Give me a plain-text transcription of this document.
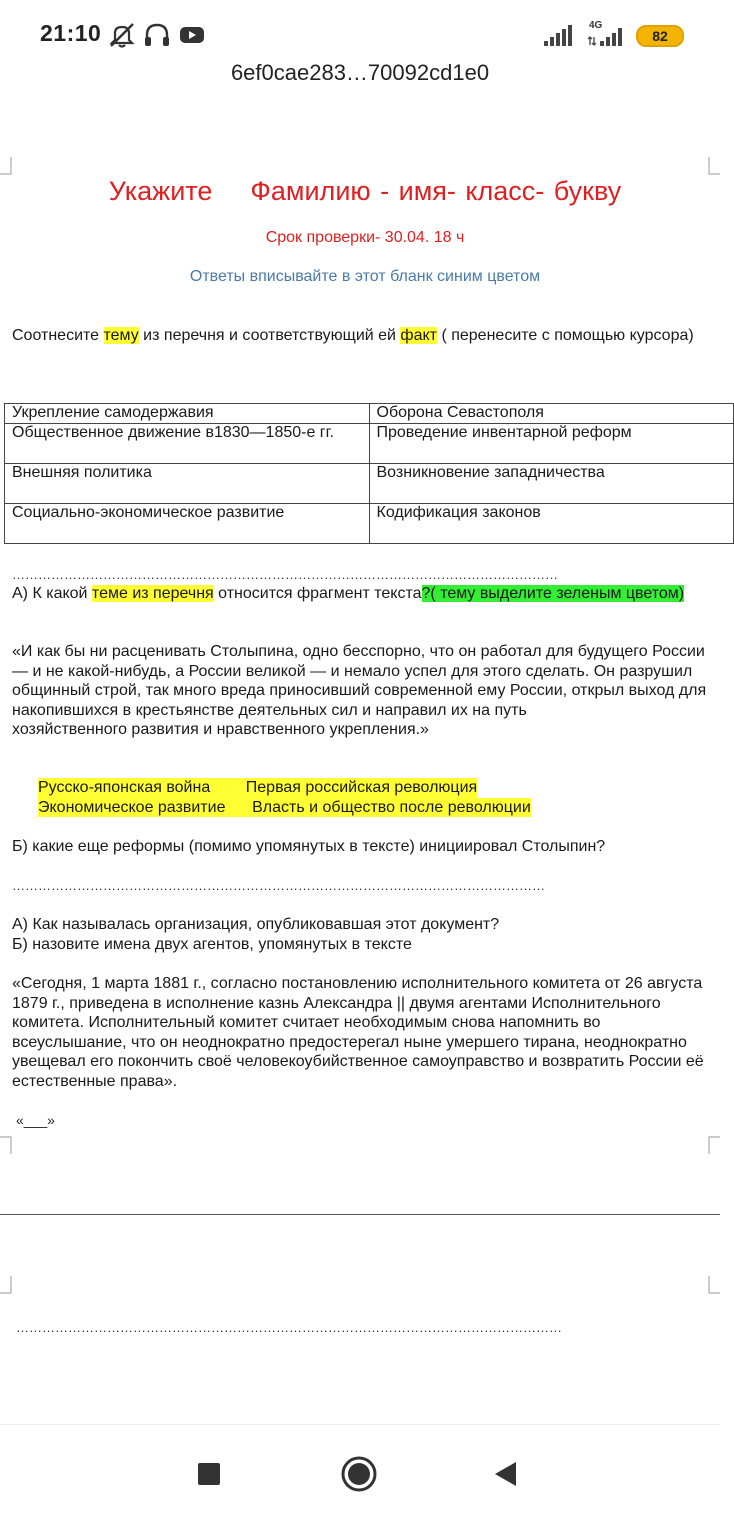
21:10	4G
82
6ef0cae283…70092cd1e0
Укажите    Фамилию - имя- класс- букву
Срок проверки- 30.04. 18 ч
Ответы вписывайте в этот бланк синим цветом
Соотнесите тему из перечня и соответствующий ей факт ( перенесите с помощью курсора)
Укрепление самодержавия	Оборона Севастополя
Общественное движение в1830—1850-е гг.	Проведение инвентарной реформ
Внешняя политика	Возникновение западничества
Социально-экономическое развитие	Кодификация законов
………………………………………………………………………………………………………………
А) К какой теме из перечня относится фрагмент текста?( тему выделите зеленым цветом)
«И как бы ни расценивать Столыпина, одно бесспорно, что он работал для будущего России — и не какой-нибудь, а России великой — и немало успел для этого сделать. Он разрушил общинный строй, так много вреда приносивший современной ему России, открыл выход для накопившихся в крестьянстве деятельных сил и направил их на путь
хозяйственного развития и нравственного укрепления.»
Русско-японская война        Первая российская революция
Экономическое развитие      Власть и общество после революции
Б) какие еще реформы (помимо упомянутых в тексте) инициировал Столыпин?
……………………………………………………………………………………………………………
А) Как называлась организация, опубликовавшая этот документ?
Б) назовите имена двух агентов, упомянутых в тексте
«Сегодня, 1 марта 1881 г., согласно постановлению исполнительного комитета от 26 августа 1879 г., приведена в исполнение казнь Александра || двумя агентами Исполнительного комитета. Исполнительный комитет считает необходимым снова напомнить во всеуслышание, что он неоднократно предостерегал ныне умершего тирана, неоднократно увещевал его покончить своё человекоубийственное самоуправство и возвратить России её естественные права».
«___»
………………………………………………………………………………………………………………
